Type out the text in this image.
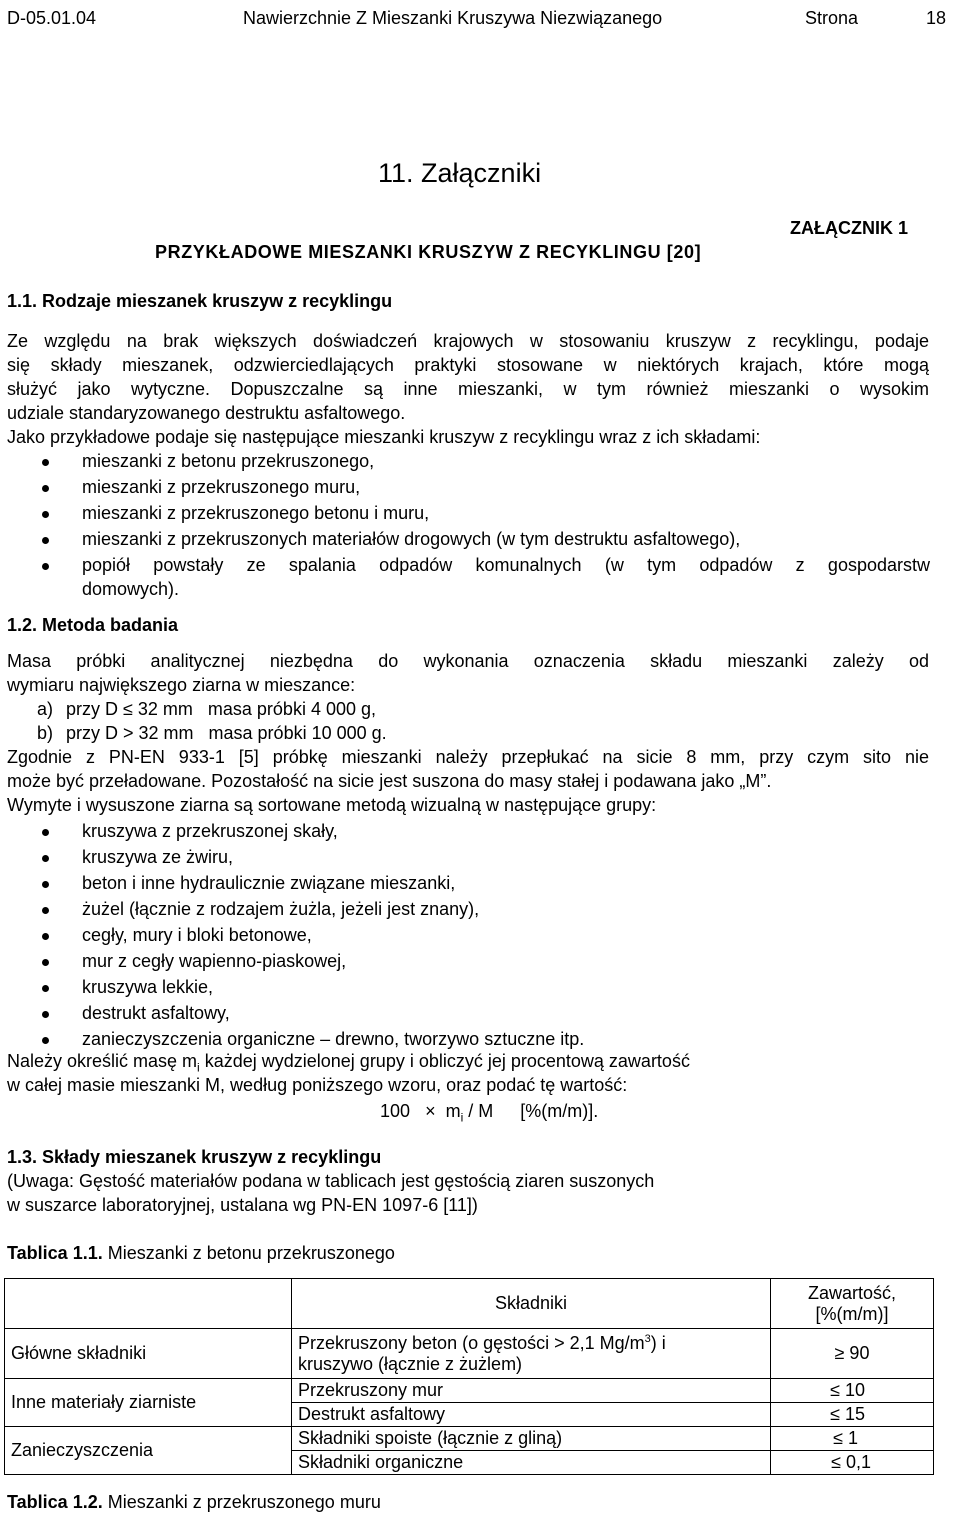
D-05.01.04	Nawierzchnie Z Mieszanki Kruszywa Niezwiązanego	Strona	18
11. Załączniki
ZAŁĄCZNIK 1
PRZYKŁADOWE MIESZANKI KRUSZYW Z RECYKLINGU [20]
1.1. Rodzaje mieszanek kruszyw z recyklingu
Ze względu na brak większych doświadczeń krajowych w stosowaniu kruszyw z recyklingu, podaje
się składy mieszanek, odzwierciedlających praktyki stosowane w niektórych krajach, które mogą
służyć jako wytyczne. Dopuszczalne są inne mieszanki, w tym również mieszanki o wysokim
udziale standaryzowanego destruktu asfaltowego.
Jako przykładowe podaje się następujące mieszanki kruszyw z recyklingu wraz z ich składami:
mieszanki z betonu przekruszonego,
mieszanki z przekruszonego muru,
mieszanki z przekruszonego betonu i muru,
mieszanki z przekruszonych materiałów drogowych (w tym destruktu asfaltowego),
popiół powstały ze spalania odpadów komunalnych (w tym odpadów z gospodarstw
domowych).
1.2. Metoda badania
Masa próbki analitycznej niezbędna do wykonania oznaczenia składu mieszanki zależy od
wymiaru największego ziarna w mieszance:
a) przy D ≤ 32 mm   masa próbki 4 000 g,
b) przy D > 32 mm   masa próbki 10 000 g.
Zgodnie z PN-EN 933-1 [5] próbkę mieszanki należy przepłukać na sicie 8 mm, przy czym sito nie
może być przeładowane. Pozostałość na sicie jest suszona do masy stałej i podawana jako „M”.
Wymyte i wysuszone ziarna są sortowane metodą wizualną w następujące grupy:
kruszywa z przekruszonej skały,
kruszywa ze żwiru,
beton i inne hydraulicznie związane mieszanki,
żużel (łącznie z rodzajem żużla, jeżeli jest znany),
cegły, mury i bloki betonowe,
mur z cegły wapienno-piaskowej,
kruszywa lekkie,
destrukt asfaltowy,
zanieczyszczenia organiczne – drewno, tworzywo sztuczne itp.
Należy określić masę $m_i$ każdej wydzielonej grupy i obliczyć jej procentową zawartość
w całej masie mieszanki M, według poniższego wzoru, oraz podać tę wartość:
$100 \times m_i / M$ [%(m/m)].
1.3. Składy mieszanek kruszyw z recyklingu
(Uwaga: Gęstość materiałów podana w tablicach jest gęstością ziaren suszonych
w suszarce laboratoryjnej, ustalana wg PN-EN 1097-6 [11])
Tablica 1.1. Mieszanki z betonu przekruszonego
	Składniki	Zawartość,
[%(m/m)]

Główne składniki	Przekruszony beton (o gęstości > 2,1 $Mg/m^3$) i
kruszywo (łącznie z żużlem)	≥ 90
Inne materiały ziarniste	Przekruszony mur	≤ 10
	Destrukt asfaltowy	≤ 15
Zanieczyszczenia	Składniki spoiste (łącznie z gliną)	≤ 1
	Składniki organiczne	≤ 0,1
Tablica 1.2. Mieszanki z przekruszonego muru
